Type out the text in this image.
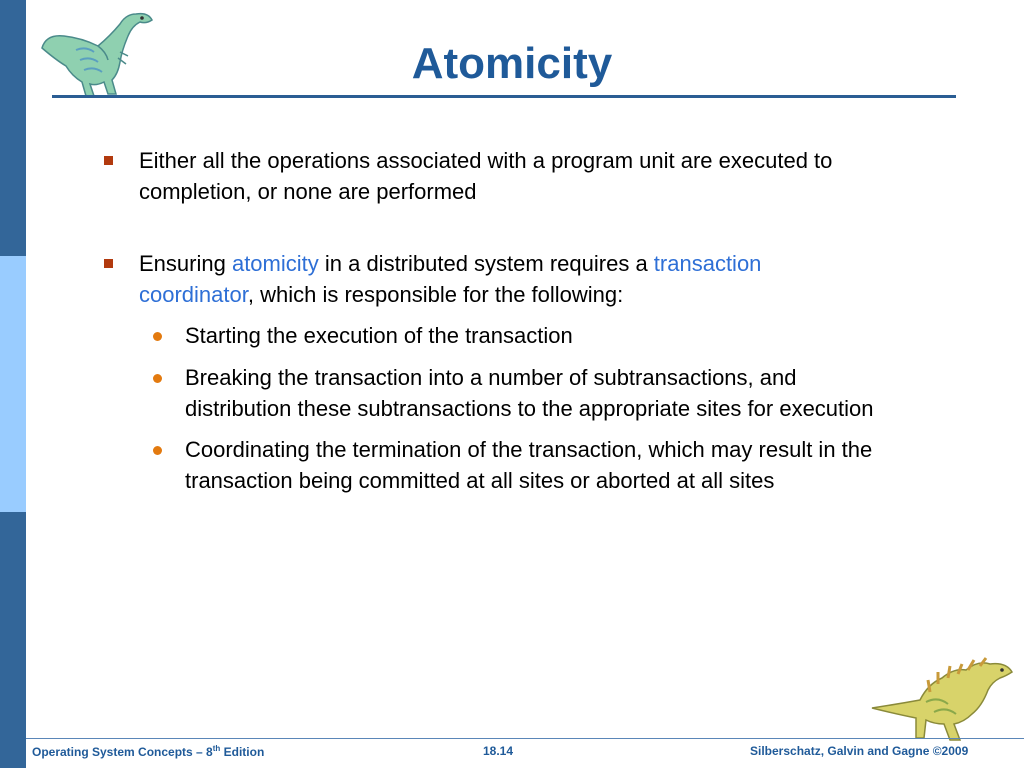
Atomicity
Either all the operations associated with a program unit are executed to
completion, or none are performed
Ensuring atomicity in a distributed system requires a transaction
coordinator, which is responsible for the following:
Starting the execution of the transaction
Breaking the transaction into a number of subtransactions, and
distribution these subtransactions to the appropriate sites for execution
Coordinating the termination of the transaction, which may result in the
transaction being committed at all sites or aborted at all sites
Operating System Concepts – 8th Edition	18.14	Silberschatz, Galvin and Gagne ©2009
